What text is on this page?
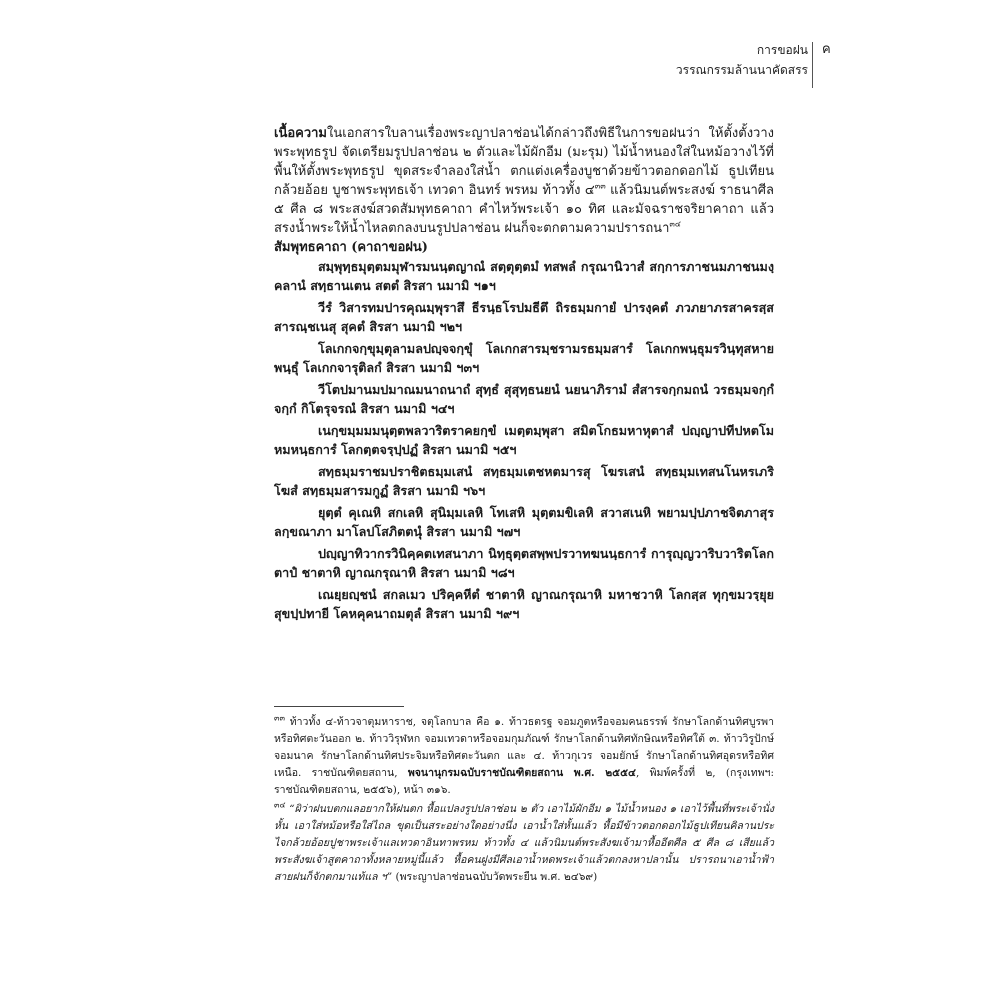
การขอฝน
วรรณกรรมล้านนาคัดสรร
ค

เนื้อความในเอกสารใบลานเรื่องพระญาปลาช่อนได้กล่าวถึงพิธีในการขอฝนว่า ให้ตั้งตั้งวางพระพุทธรูป จัดเตรียมรูปปลาช่อน ๒ ตัวและไม้ผักอีม (มะรุม) ไม้น้ำหนองใส่ในหม้อวางไว้ที่พื้นให้ตั้งพระพุทธรูป ขุดสระจำลองใส่น้ำ ตกแต่งเครื่องบูชาด้วยข้าวตอกดอกไม้ ธูปเทียน กล้วยอ้อย บูชาพระพุทธเจ้า เทวดา อินทร์ พรหม ท้าวทั้ง ๔$^{๓๓}$ แล้วนิมนต์พระสงฆ์ ราธนาศีล ๕ ศีล ๘ พระสงฆ์สวดสัมพุทธคาถา คำไหว้พระเจ้า ๑๐ ทิศ และมัจฉราชจริยาคาถา แล้วสรงน้ำพระให้น้ำไหลตกลงบนรูปปลาช่อน ฝนก็จะตกตามความปรารถนา$^{๓๔}$

สัมพุทธคาถา (คาถาขอฝน)

สมฺพุทฺธมุตฺตมมุฬารมนนฺตญาณํ สตฺตุตฺตมํ ทสพลํ กรุณานิวาสํ สกฺการภาชนมภาชนมงฺคลานํ สทฺธานเตน สตตํ สิรสา นมามิ ฯ๑ฯ

วีรํ วิสารทมปารคุณมฺพุราสึ ธีรนฺธโรปมธีตึ ถิรธมฺมกายํ ปารงฺคตํ ภวภยาภรสาครสฺส สารณฺชเนสุ สุคตํ สิรสา นมามิ ฯ๒ฯ

โลเกกจกฺขุมฺตุลามลปญฺจจกฺขุํ โลเกกสารมฺชรามรธมฺมสารํ โลเกกพนฺธุมรวินฺทุสหายพนฺธุํ โลเกกจารุติลกํ สิรสา นมามิ ฯ๓ฯ

วีโตปมานมปมาณมนาถนาถํ สุทฺธํ สุสุทฺธนยนํ นยนาภิรามํ สํสารจกฺกมถนํ วรธมฺมจกฺกํ จกฺกํ กิโตรุจรณํ สิรสา นมามิ ฯ๔ฯ

เนกฺขมฺมมมนุตฺตพลวาริตราคยกฺขํ เมตฺตมฺพุสา สมิตโกธมหาหุตาสํ ปญฺญาปทีปหตโมหมหนฺธการํ โลกตฺตจรฺปฺปฏํ สิรสา นมามิ ฯ๕ฯ

สทฺธมฺมราชมปราชิตธมฺมเสนํ สทฺธมฺมเตชหตมารสุ โฆรเสนํ สทฺธมฺมเทสนโนหรเภริโฆสํ สทฺธมฺมสารมกูฏํ สิรสา นมามิ ฯ๖ฯ

ยุตฺตํ คุเณหิ สกเลหิ สุนิมฺมเลหิ โทเสหิ มุตฺตมขิเลหิ สวาสเนหิ พยามปฺปภาชจิตภาสุรลกฺขณาภา มาโลปโสภิตตนุํ สิรสา นมามิ ฯ๗ฯ

ปญฺญาทิวากรวินิคฺคตเทสนาภา นิทฺธุตฺตสพฺพปรวาทฆนนฺธการํ การุญฺญวาริบวาริตโลกตาปํ ชาตาหิ ญาณกรุณาหิ สิรสา นมามิ ฯ๘ฯ

เณยฺยญฺชนํ สกลเมว ปริคฺคหีตํ ชาตาหิ ญาณกรุณาหิ มหาชวาหิ โลกสฺส ทุกฺขมวรฺยุยสุขปฺปทายี โคหคุคนาถมตุลํ สิรสา นมามิ ฯ๙ฯ

$^{๓๓}$ ท้าวทั้ง ๔-ท้าวจาตุมหาราช, จตุโลกบาล คือ ๑. ท้าวธตรฐ จอมภูตหรือจอมคนธรรพ์ รักษาโลกด้านทิศบูรพาหรือทิศตะวันออก ๒. ท้าววิรุฬหก จอมเทวดาหรือจอมกุมภัณฑ์ รักษาโลกด้านทิศทักษิณหรือทิศใต้ ๓. ท้าววิรูปักษ์ จอมนาค รักษาโลกด้านทิศประจิมหรือทิศตะวันตก และ ๔. ท้าวกุเวร จอมยักษ์ รักษาโลกด้านทิศอุดรหรือทิศเหนือ. ราชบัณฑิตยสถาน, พจนานุกรมฉบับราชบัณฑิตยสถาน พ.ศ. ๒๕๕๔, พิมพ์ครั้งที่ ๒, (กรุงเทพฯ: ราชบัณฑิตยสถาน, ๒๕๕๖), หน้า ๓๑๖.

$^{๓๔}$ “ผิว่าฝนบตกแลอยากให้ฝนตก หื้อแปลงรูปปลาช่อน ๒ ตัว เอาไม้ผักอีม ๑ ไม้น้ำหนอง ๑ เอาไว้พื้นที่พระเจ้านั่งหั้น เอาใส่หม้อหรือใส่ไถล ขุดเป็นสระอย่างใดอย่างนึ่ง เอาน้ำใส่หั้นแล้ว หื้อมีข้าวตอกดอกไม้ธูปเทียนคิลานประไจกล้วยอ้อยปูชาพระเจ้าแลเทวดาอินทาพรหม ท้าวทั้ง ๔ แล้วนิมนต์พระสังฆเจ้ามาหื้ออีตศีล ๕ ศีล ๘ เสียแล้วพระสังฆเจ้าสูตคาถาทั้งหลายหมู่นี้แล้ว หื้อคนฝูงมีศีลเอาน้ำหดพระเจ้าแล้วตกลงหาปลานั้น ปรารถนาเอาน้ำฟ้าสายฝนก็จักตกมาแท้แล ฯ” (พระญาปลาช่อนฉบับวัดพระยืน พ.ศ. ๒๔๖๙)
